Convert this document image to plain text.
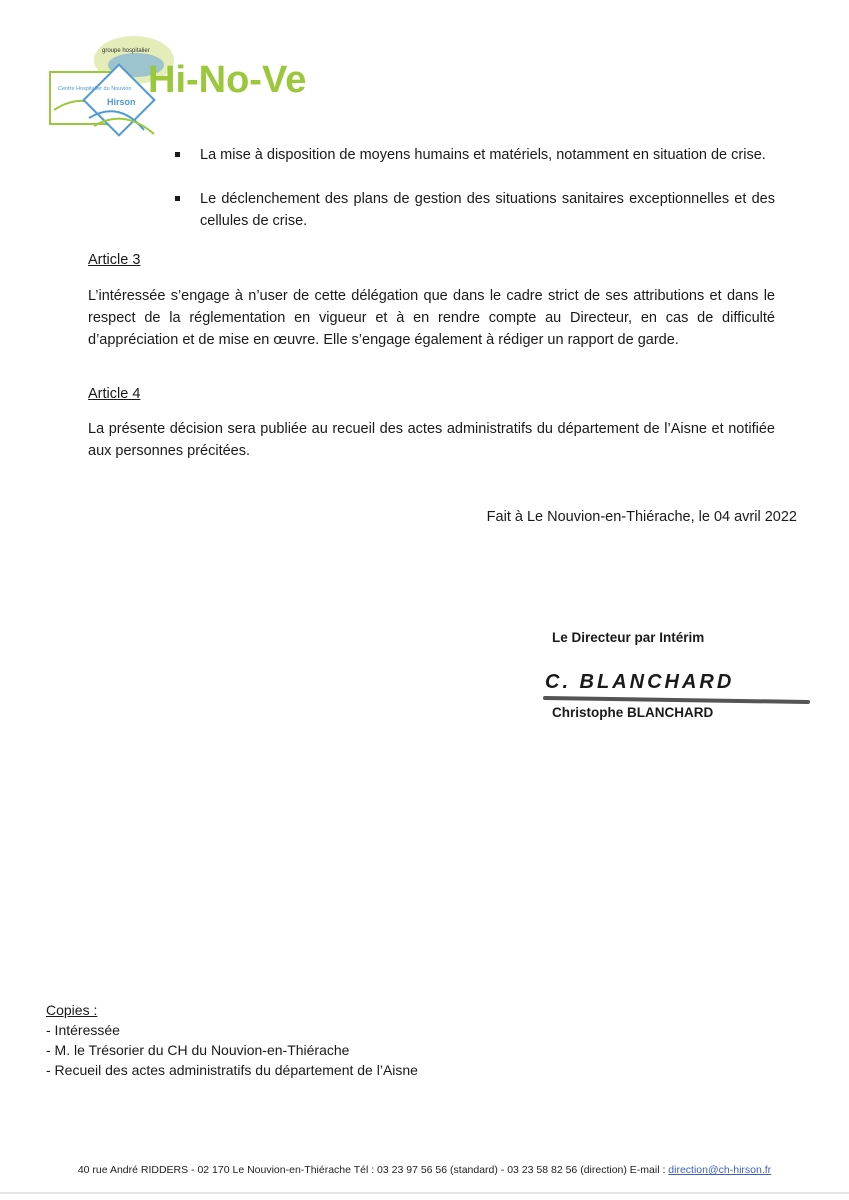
Hi-No-Ve
groupe hospitalier
Centre Hospitalier du Nouvion
Hirson
La mise à disposition de moyens humains et matériels, notamment en situation de crise.
Le déclenchement des plans de gestion des situations sanitaires exceptionnelles et des cellules de crise.
Article 3
L’intéressée s’engage à n’user de cette délégation que dans le cadre strict de ses attributions et dans le
respect de la réglementation en vigueur et à en rendre compte au Directeur, en cas de difficulté
d’appréciation et de mise en œuvre. Elle s’engage également à rédiger un rapport de garde.
Article 4
La présente décision sera publiée au recueil des actes administratifs du département de l’Aisne et notifiée
aux personnes précitées.
Fait à Le Nouvion-en-Thiérache, le 04 avril 2022
Le Directeur par Intérim
C. BLANCHARD
Christophe BLANCHARD
Copies :
- Intéressée
- M. le Trésorier du CH du Nouvion-en-Thiérache
- Recueil des actes administratifs du département de l’Aisne
40 rue André RIDDERS - 02 170 Le Nouvion-en-Thiérache Tél : 03 23 97 56 56 (standard) - 03 23 58 82 56 (direction) E-mail : direction@ch-hirson.fr
